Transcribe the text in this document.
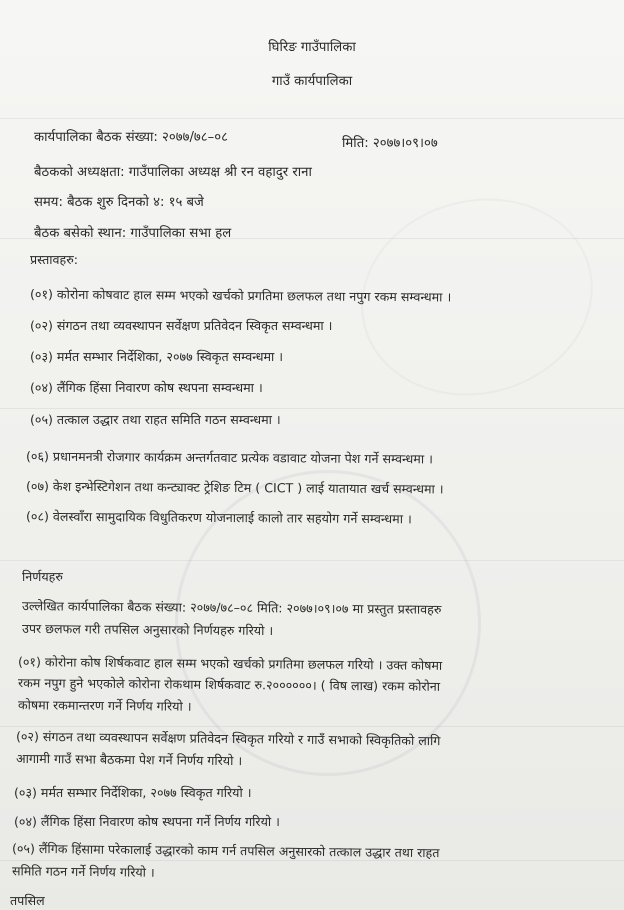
घिरिङ गाउँपालिका
गाउँ कार्यपालिका
कार्यपालिका बैठक संख्या: २०७७/७८–०८	मिति: २०७७।०९।०७
बैठकको अध्यक्षता: गाउँपालिका अध्यक्ष श्री रन वहादुर राना
समय: बैठक शुरु दिनको ४: १५ बजे
बैठक बसेको स्थान: गाउँपालिका सभा हल
प्रस्तावहरु:
(०१) कोरोना कोषवाट हाल सम्म भएको खर्चको प्रगतिमा छलफल तथा नपुग रकम सम्वन्धमा ।
(०२) संगठन तथा व्यवस्थापन सर्वेक्षण प्रतिवेदन स्विकृत सम्वन्धमा ।
(०३) मर्मत सम्भार निर्देशिका, २०७७ स्विकृत सम्वन्धमा ।
(०४) लैंगिक हिंसा निवारण कोष स्थपना सम्वन्धमा ।
(०५) तत्काल उद्धार तथा राहत समिति गठन सम्वन्धमा ।
(०६) प्रधानमनत्री रोजगार कार्यक्रम अन्तर्गतवाट प्रत्येक वडावाट योजना पेश गर्ने सम्वन्धमा ।
(०७) केश इन्भेस्टिगेशन तथा कन्ट्याक्ट ट्रेशिङ टिम ( CICT ) लाई यातायात खर्च सम्वन्धमा ।
(०८) वेलस्वाँरा सामुदायिक विधुतिकरण योजनालाई कालो तार सहयोग गर्ने सम्वन्धमा ।
निर्णयहरु
उल्लेखित कार्यपालिका बैठक संख्या: २०७७/७८–०८ मिति: २०७७।०९।०७ मा प्रस्तुत प्रस्तावहरु
उपर छलफल गरी तपसिल अनुसारको निर्णयहरु गरियो ।
(०१) कोरोना कोष शिर्षकवाट हाल सम्म भएको खर्चको प्रगतिमा छलफल गरियो । उक्त कोषमा
रकम नपुग हुने भएकोले कोरोना रोकथाम शिर्षकवाट रु.२००००००। ( विष लाख) रकम कोरोना
कोषमा रकमान्तरण गर्ने निर्णय गरियो ।
(०२) संगठन तथा व्यवस्थापन सर्वेक्षण प्रतिवेदन स्विकृत गरियो र गाउँ सभाको स्विकृतिको लागि
आगामी गाउँ सभा बैठकमा पेश गर्ने निर्णय गरियो ।
(०३) मर्मत सम्भार निर्देशिका, २०७७ स्विकृत गरियो ।
(०४) लैंगिक हिंसा निवारण कोष स्थपना गर्ने निर्णय गरियो ।
(०५) लैंगिक हिंसामा परेकालाई उद्धारको काम गर्न तपसिल अनुसारको तत्काल उद्धार तथा राहत
समिति गठन गर्ने निर्णय गरियो ।
तपसिल
